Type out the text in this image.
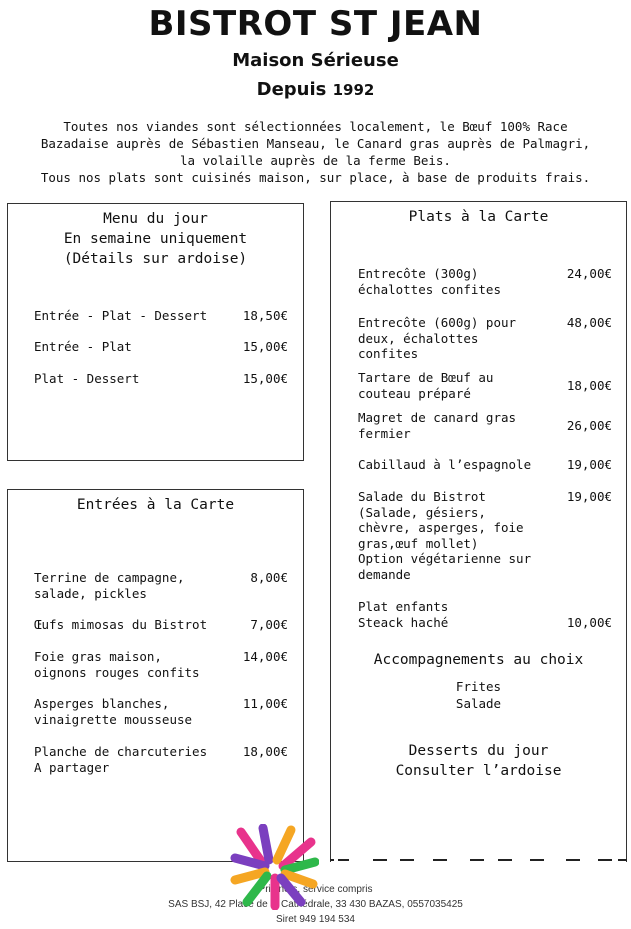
BISTROT ST JEAN
Maison Sérieuse
Depuis 1992
Toutes nos viandes sont sélectionnées localement, le Bœuf 100% Race
Bazadaise auprès de Sébastien Manseau, le Canard gras auprès de Palmagri,
la volaille auprès de la ferme Beis.
Tous nos plats sont cuisinés maison, sur place, à base de produits frais.
Menu du jour
En semaine uniquement
(Détails sur ardoise)
Entrée - Plat - Dessert	18,50€
Entrée - Plat	15,00€
Plat - Dessert	15,00€
Entrées à la Carte
Terrine de campagne,
salade, pickles
8,00€
Œufs mimosas du Bistrot	7,00€
Foie gras maison,
oignons rouges confits
14,00€
Asperges blanches,
vinaigrette mousseuse
11,00€
Planche de charcuteries
A partager
18,00€
Plats à la Carte
Entrecôte (300g)
échalottes confites
24,00€
Entrecôte (600g) pour
deux, échalottes
confites
48,00€
Tartare de Bœuf au
couteau préparé	18,00€
Magret de canard gras
fermier	26,00€
Cabillaud à l’espagnole	19,00€
Salade du Bistrot
(Salade, gésiers,
chèvre, asperges, foie
gras,œuf mollet)
Option végétarienne sur
demande
19,00€
Plat enfants
Steack haché	10,00€
Accompagnements au choix
Frites
Salade
Desserts du jour
Consulter l’ardoise
Prix nets, service compris
SAS BSJ, 42 Place de la Cathédrale, 33 430 BAZAS, 0557035425
Siret 949 194 534
